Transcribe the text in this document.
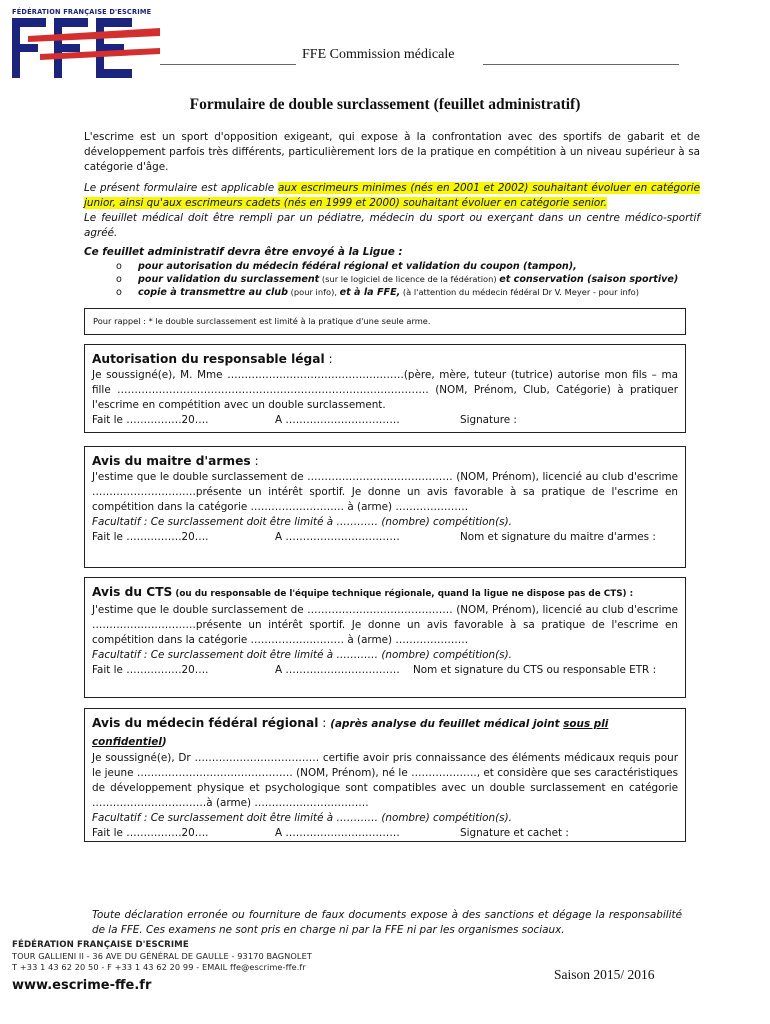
FÉDÉRATION FRANÇAISE D'ESCRIME
FFE Commission médicale
Formulaire de double surclassement (feuillet administratif)
L'escrime est un sport d'opposition exigeant, qui expose à la confrontation avec des sportifs de gabarit et de développement parfois très différents, particulièrement lors de la pratique en compétition à un niveau supérieur à sa catégorie d'âge.
Le présent formulaire est applicable aux escrimeurs minimes (nés en 2001 et 2002) souhaitant évoluer en catégorie junior, ainsi qu'aux escrimeurs cadets (nés en 1999 et 2000) souhaitant évoluer en catégorie senior.
Le feuillet médical doit être rempli par un pédiatre, médecin du sport ou exerçant dans un centre médico-sportif agréé.
Ce feuillet administratif devra être envoyé à la Ligue :
o pour autorisation du médecin fédéral régional et validation du coupon (tampon),
o pour validation du surclassement (sur le logiciel de licence de la fédération) et conservation (saison sportive)
o copie à transmettre au club (pour info), et à la FFE, (à l'attention du médecin fédéral Dr V. Meyer - pour info)
Pour rappel : * le double surclassement est limité à la pratique d'une seule arme.
Autorisation du responsable légal :
Je soussigné(e), M. Mme ……………………………………………(père, mère, tuteur (tutrice) autorise mon fils – ma fille ……………………………………………………………………………… (NOM, Prénom, Club, Catégorie) à pratiquer l'escrime en compétition avec un double surclassement.
Fait le …………….20….	A ……………………………	Signature :
Avis du maitre d'armes :
J'estime que le double surclassement de …………………………………… (NOM, Prénom), licencié au club d'escrime …………………………présente un intérêt sportif. Je donne un avis favorable à sa pratique de l'escrime en compétition dans la catégorie ……………………… à (arme) …………………
Facultatif : Ce surclassement doit être limité à ………… (nombre) compétition(s).
Fait le …………….20….	A ……………………………	Nom et signature du maitre d'armes :
Avis du CTS (ou du responsable de l'équipe technique régionale, quand la ligue ne dispose pas de CTS) :
J'estime que le double surclassement de …………………………………… (NOM, Prénom), licencié au club d'escrime …………………………présente un intérêt sportif. Je donne un avis favorable à sa pratique de l'escrime en compétition dans la catégorie ……………………… à (arme) …………………
Facultatif : Ce surclassement doit être limité à ………… (nombre) compétition(s).
Fait le …………….20….	A …………………………… Nom et signature du CTS ou responsable ETR :
Avis du médecin fédéral régional : (après analyse du feuillet médical joint sous pli confidentiel)
Je soussigné(e), Dr ……………………………… certifie avoir pris connaissance des éléments médicaux requis pour le jeune ……………………………………… (NOM, Prénom), né le ………………., et considère que ses caractéristiques de développement physique et psychologique sont compatibles avec un double surclassement en catégorie ……………………………à (arme) ……………………………
Facultatif : Ce surclassement doit être limité à ………… (nombre) compétition(s).
Fait le …………….20….	A ……………………………	Signature et cachet :
Toute déclaration erronée ou fourniture de faux documents expose à des sanctions et dégage la responsabilité de la FFE. Ces examens ne sont pris en charge ni par la FFE ni par les organismes sociaux.
FÉDÉRATION FRANÇAISE D'ESCRIME
TOUR GALLIENI II - 36 AVE DU GÉNÉRAL DE GAULLE - 93170 BAGNOLET
T +33 1 43 62 20 50 - F +33 1 43 62 20 99 - EMAIL ffe@escrime-ffe.fr
www.escrime-ffe.fr
Saison 2015/ 2016
